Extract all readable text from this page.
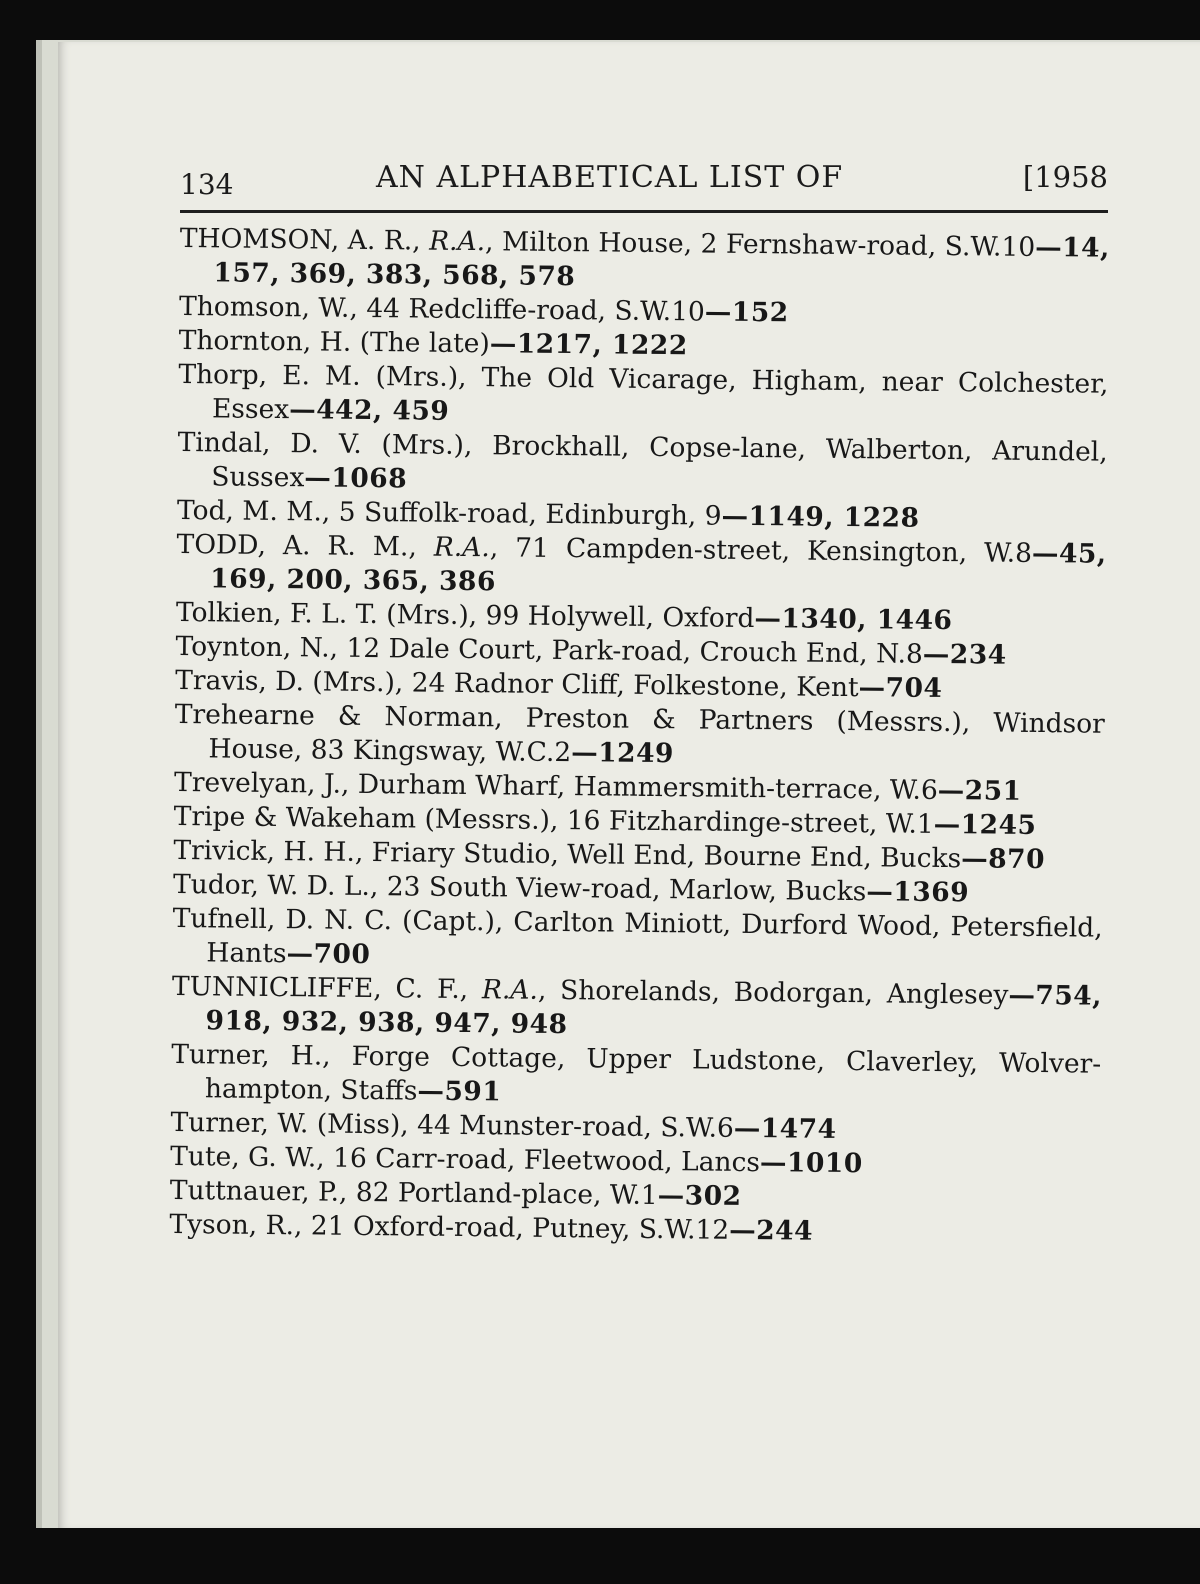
134	AN ALPHABETICAL LIST OF	[1958
THOMSON, A. R., R.A., Milton House, 2 Fernshaw-road, S.W.10—14, 157, 369, 383, 568, 578
Thomson, W., 44 Redcliffe-road, S.W.10—152
Thornton, H. (The late)—1217, 1222
Thorp, E. M. (Mrs.), The Old Vicarage, Higham, near Colchester, Essex—442, 459
Tindal, D. V. (Mrs.), Brockhall, Copse-lane, Walberton, Arundel, Sussex—1068
Tod, M. M., 5 Suffolk-road, Edinburgh, 9—1149, 1228
TODD, A. R. M., R.A., 71 Campden-street, Kensington, W.8—45, 169, 200, 365, 386
Tolkien, F. L. T. (Mrs.), 99 Holywell, Oxford—1340, 1446
Toynton, N., 12 Dale Court, Park-road, Crouch End, N.8—234
Travis, D. (Mrs.), 24 Radnor Cliff, Folkestone, Kent—704
Trehearne & Norman, Preston & Partners (Messrs.), Windsor House, 83 Kingsway, W.C.2—1249
Trevelyan, J., Durham Wharf, Hammersmith-terrace, W.6—251
Tripe & Wakeham (Messrs.), 16 Fitzhardinge-street, W.1—1245
Trivick, H. H., Friary Studio, Well End, Bourne End, Bucks—870
Tudor, W. D. L., 23 South View-road, Marlow, Bucks—1369
Tufnell, D. N. C. (Capt.), Carlton Miniott, Durford Wood, Petersfield, Hants—700
TUNNICLIFFE, C. F., R.A., Shorelands, Bodorgan, Anglesey—754, 918, 932, 938, 947, 948
Turner, H., Forge Cottage, Upper Ludstone, Claverley, Wolverhampton, Staffs—591
Turner, W. (Miss), 44 Munster-road, S.W.6—1474
Tute, G. W., 16 Carr-road, Fleetwood, Lancs—1010
Tuttnauer, P., 82 Portland-place, W.1—302
Tyson, R., 21 Oxford-road, Putney, S.W.12—244
